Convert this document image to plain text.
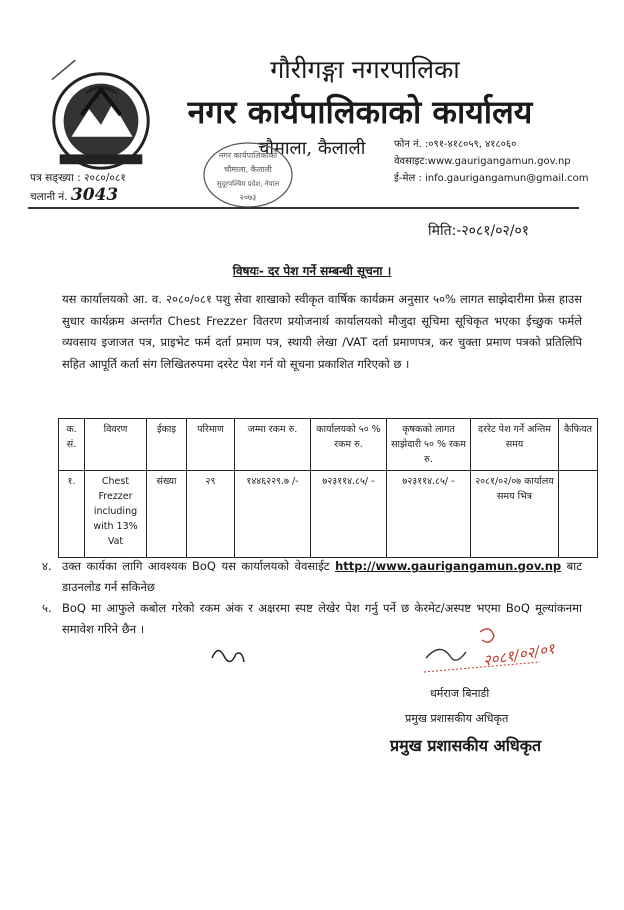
गौरीगङ्गा नगरपालिका
नगर कार्यपालिकाको कार्यालय
चौमाला, कैलाली
नगर कार्यपालिकाको
चौमाला, कैलाली
सुदूरपश्चिम प्रदेश, नेपाल
२०७३
फोन नं. :०९१-४१८०५९, ४१८०६०
वेवसाइट:www.gaurigangamun.gov.np
ई-मेल : info.gaurigangamun@gmail.com
पत्र सङ्ख्या : २०८०/०८१
चलानी नं. 3043
मिति:-२०८१/०२/०१
विषयः- दर पेश गर्ने सम्बन्धी सूचना ।
यस कार्यालयको आ. व. २०८०/०८१ पशु सेवा शाखाको स्वीकृत वार्षिक कार्यक्रम अनुसार ५०% लागत साझेदारीमा फ्रेस हाउस सुधार कार्यक्रम अन्तर्गत Chest Frezzer वितरण प्रयोजनार्थ कार्यालयको मौजुदा सूचिमा सूचिकृत भएका ईच्छुक फर्मले व्यवसाय इजाजत पत्र, प्राइभेट फर्म दर्ता प्रमाण पत्र, स्थायी लेखा /VAT दर्ता प्रमाणपत्र, कर चुक्ता प्रमाण पत्रको प्रतिलिपि सहित आपूर्ति कर्ता संग लिखितरुपमा दररेट पेश गर्न यो सूचना प्रकाशित गरिएको छ ।
क. सं.	विवरण	ईकाइ	परिमाण	जम्मा रकम रु.	कार्यालयको ५० % रकम रु.	कृषकको लागत साझेदारी ५० % रकम रु.	दररेट पेश गर्ने अन्तिम समय	कैफियत
१.	Chest Frezzer including with 13% Vat	संख्या	२९	१४४६२२९.७ /-	७२३११४.८५/ -	७२३११४.८५/ -	२०८१/०२/०७ कार्यालय समय भित्र	
४. उक्त कार्यका लागि आवश्यक BoQ यस कार्यालयको वेवसाईट http://www.gaurigangamun.gov.np बाट डाउनलोड गर्न सकिनेछ
५. BoQ मा आफुले कबोल गरेको रकम अंक र अक्षरमा स्पष्ट लेखेर पेश गर्नु पर्ने छ केरमेट/अस्पष्ट भएमा BoQ मूल्यांकनमा समावेश गरिने छैन ।
२०८१/०२/०१
धर्मराज बिनाडी
प्रमुख प्रशासकीय अधिकृत
प्रमुख प्रशासकीय अधिकृत
